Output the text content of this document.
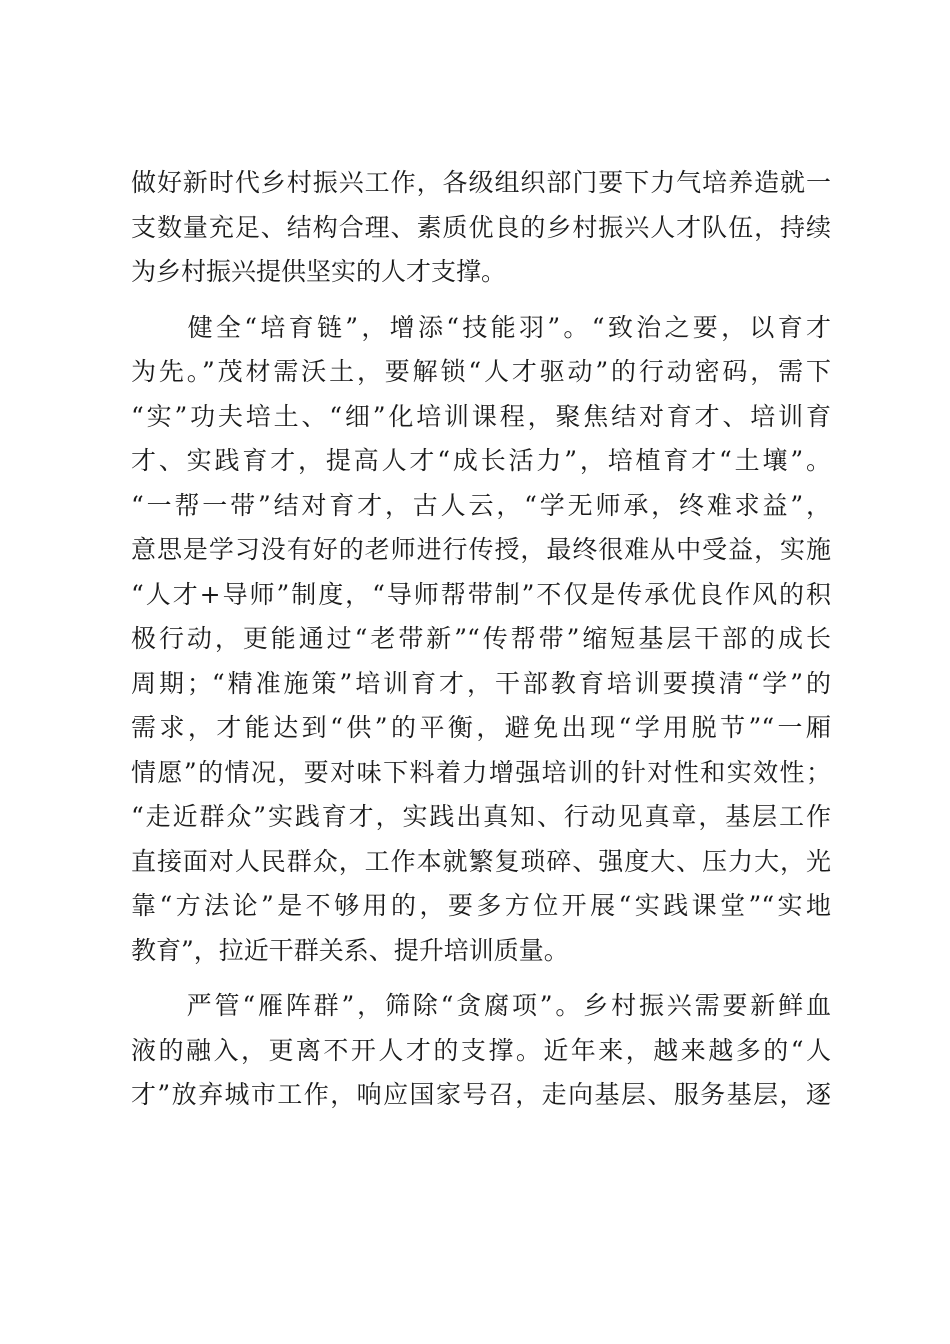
做好新时代乡村振兴工作，各级组织部门要下力气培养造就一
支数量充足、结构合理、素质优良的乡村振兴人才队伍，持续
为乡村振兴提供坚实的人才支撑。
　　健全“培育链”，增添“技能羽”。“致治之要，以育才
为先。”茂材需沃土，要解锁“人才驱动”的行动密码，需下
“实”功夫培土、“细”化培训课程，聚焦结对育才、培训育
才、实践育才，提高人才“成长活力”，培植育才“土壤”。
“一帮一带”结对育才，古人云，“学无师承，终难求益”，
意思是学习没有好的老师进行传授，最终很难从中受益，实施
“人才+导师”制度，“导师帮带制”不仅是传承优良作风的积
极行动，更能通过“老带新”“传帮带”缩短基层干部的成长
周期；“精准施策”培训育才，干部教育培训要摸清“学”的
需求，才能达到“供”的平衡，避免出现“学用脱节”“一厢
情愿”的情况，要对味下料着力增强培训的针对性和实效性；
“走近群众”实践育才，实践出真知、行动见真章，基层工作
直接面对人民群众，工作本就繁复琐碎、强度大、压力大，光
靠“方法论”是不够用的，要多方位开展“实践课堂”“实地
教育”，拉近干群关系、提升培训质量。
　　严管“雁阵群”，筛除“贪腐项”。乡村振兴需要新鲜血
液的融入，更离不开人才的支撑。近年来，越来越多的“人
才”放弃城市工作，响应国家号召，走向基层、服务基层，逐
